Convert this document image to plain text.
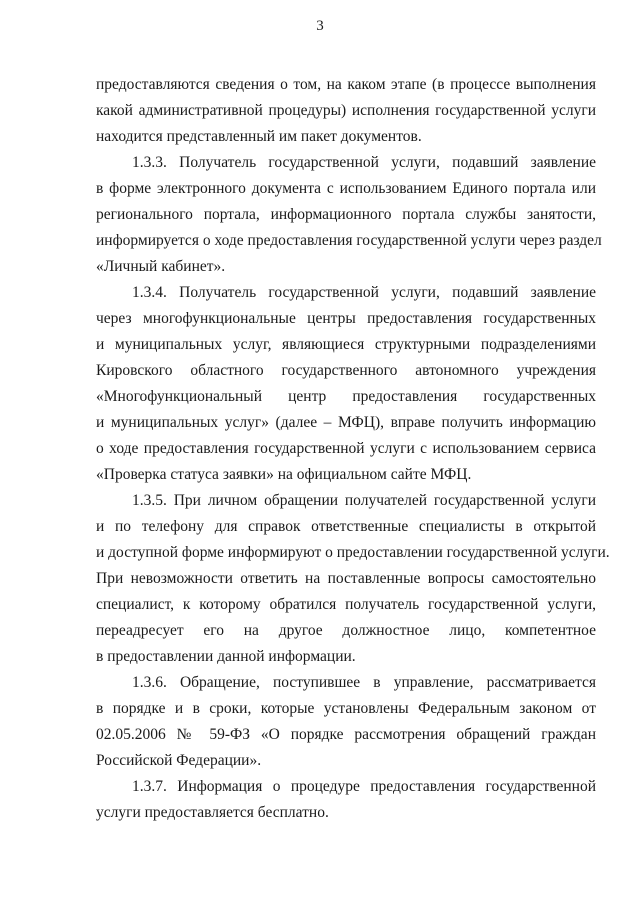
3
предоставляются сведения о том, на каком этапе (в процессе выполнения
какой административной процедуры) исполнения государственной услуги
находится представленный им пакет документов.
1.3.3. Получатель государственной услуги, подавший заявление
в форме электронного документа с использованием Единого портала или
регионального портала, информационного портала службы занятости,
информируется о ходе предоставления государственной услуги через раздел
«Личный кабинет».
1.3.4. Получатель государственной услуги, подавший заявление
через многофункциональные центры предоставления государственных
и муниципальных услуг, являющиеся структурными подразделениями
Кировского областного государственного автономного учреждения
«Многофункциональный центр предоставления государственных
и муниципальных услуг» (далее – МФЦ), вправе получить информацию
о ходе предоставления государственной услуги с использованием сервиса
«Проверка статуса заявки» на официальном сайте МФЦ.
1.3.5. При личном обращении получателей государственной услуги
и по телефону для справок ответственные специалисты в открытой
и доступной форме информируют о предоставлении государственной услуги.
При невозможности ответить на поставленные вопросы самостоятельно
специалист, к которому обратился получатель государственной услуги,
переадресует его на другое должностное лицо, компетентное
в предоставлении данной информации.
1.3.6. Обращение, поступившее в управление, рассматривается
в порядке и в сроки, которые установлены Федеральным законом от
02.05.2006 № 59-ФЗ «О порядке рассмотрения обращений граждан
Российской Федерации».
1.3.7. Информация о процедуре предоставления государственной
услуги предоставляется бесплатно.
